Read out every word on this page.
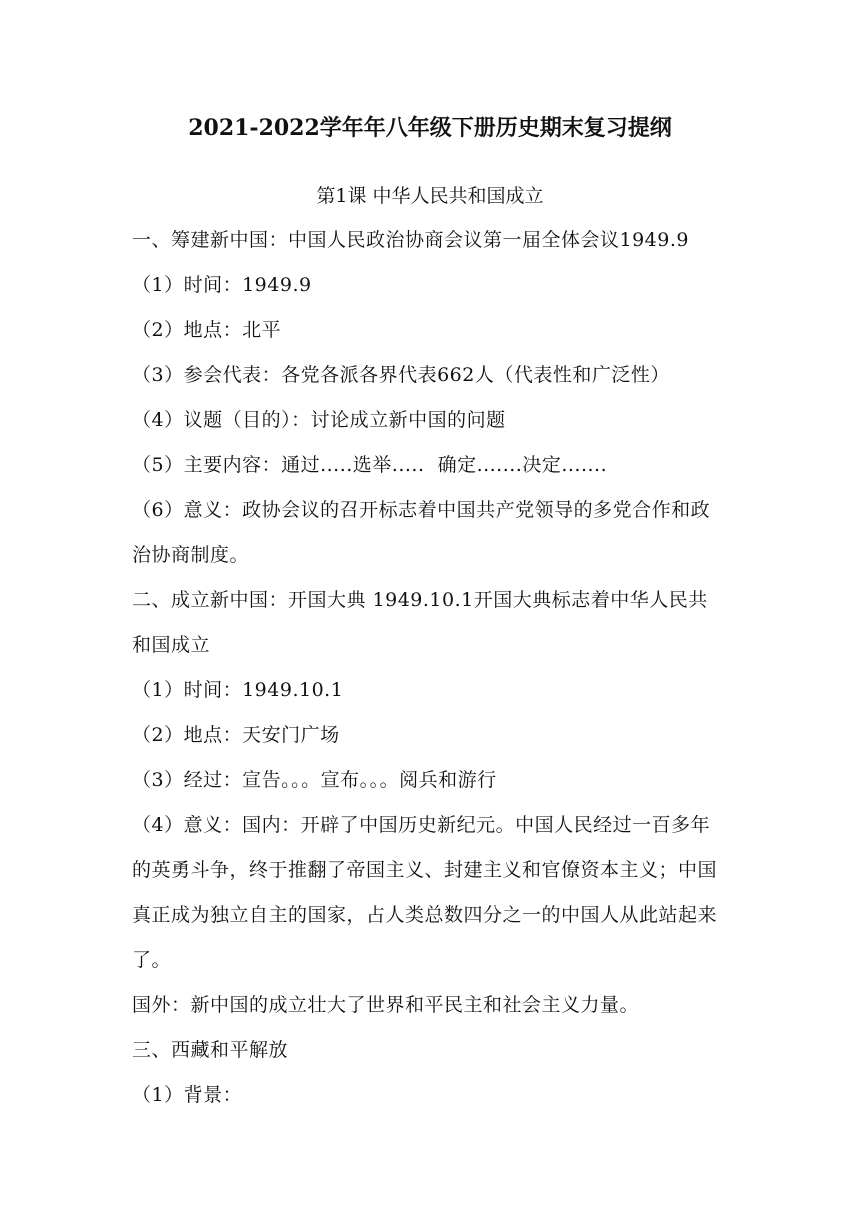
2021-2022学年年八年级下册历史期末复习提纲
第1课 中华人民共和国成立
一、筹建新中国：中国人民政治协商会议第一届全体会议1949.9
（1）时间：1949.9
（2）地点：北平
（3）参会代表：各党各派各界代表662人（代表性和广泛性）
（4）议题（目的）：讨论成立新中国的问题
（5）主要内容：通过.....选举.....  确定.......决定.......
（6）意义：政协会议的召开标志着中国共产党领导的多党合作和政
治协商制度。
二、成立新中国：开国大典 1949.10.1开国大典标志着中华人民共
和国成立
（1）时间：1949.10.1
（2）地点：天安门广场
（3）经过：宣告。。。宣布。。。阅兵和游行
（4）意义：国内：开辟了中国历史新纪元。中国人民经过一百多年
的英勇斗争，终于推翻了帝国主义、封建主义和官僚资本主义；中国
真正成为独立自主的国家，占人类总数四分之一的中国人从此站起来
了。
国外：新中国的成立壮大了世界和平民主和社会主义力量。
三、西藏和平解放
（1）背景：
